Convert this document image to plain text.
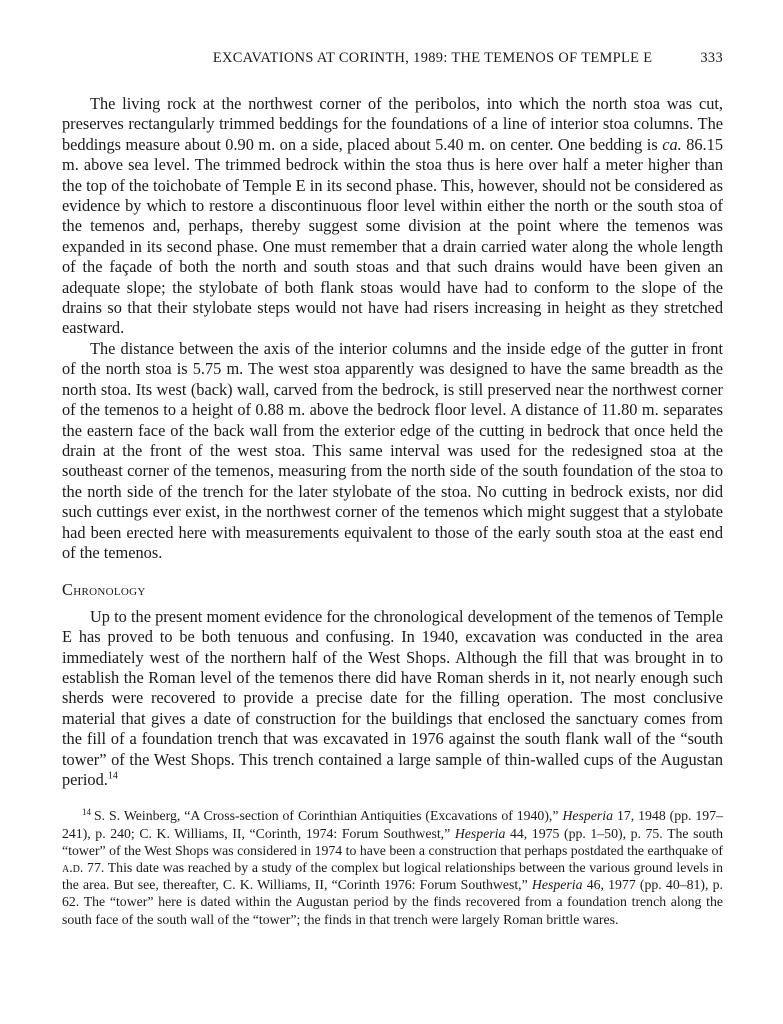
EXCAVATIONS AT CORINTH, 1989: THE TEMENOS OF TEMPLE E	333

The living rock at the northwest corner of the peribolos, into which the north stoa was cut, preserves rectangularly trimmed beddings for the foundations of a line of interior stoa columns. The beddings measure about 0.90 m. on a side, placed about 5.40 m. on center. One bedding is ca. 86.15 m. above sea level. The trimmed bedrock within the stoa thus is here over half a meter higher than the top of the toichobate of Temple E in its second phase. This, however, should not be considered as evidence by which to restore a discontinuous floor level within either the north or the south stoa of the temenos and, perhaps, thereby suggest some division at the point where the temenos was expanded in its second phase. One must remember that a drain carried water along the whole length of the façade of both the north and south stoas and that such drains would have been given an adequate slope; the stylobate of both flank stoas would have had to conform to the slope of the drains so that their stylobate steps would not have had risers increasing in height as they stretched eastward.

The distance between the axis of the interior columns and the inside edge of the gutter in front of the north stoa is 5.75 m. The west stoa apparently was designed to have the same breadth as the north stoa. Its west (back) wall, carved from the bedrock, is still preserved near the northwest corner of the temenos to a height of 0.88 m. above the bedrock floor level. A distance of 11.80 m. separates the eastern face of the back wall from the exterior edge of the cutting in bedrock that once held the drain at the front of the west stoa. This same interval was used for the redesigned stoa at the southeast corner of the temenos, measuring from the north side of the south foundation of the stoa to the north side of the trench for the later stylobate of the stoa. No cutting in bedrock exists, nor did such cuttings ever exist, in the northwest corner of the temenos which might suggest that a stylobate had been erected here with measurements equivalent to those of the early south stoa at the east end of the temenos.

Chronology

Up to the present moment evidence for the chronological development of the temenos of Temple E has proved to be both tenuous and confusing. In 1940, excavation was conducted in the area immediately west of the northern half of the West Shops. Although the fill that was brought in to establish the Roman level of the temenos there did have Roman sherds in it, not nearly enough such sherds were recovered to provide a precise date for the filling operation. The most conclusive material that gives a date of construction for the buildings that enclosed the sanctuary comes from the fill of a foundation trench that was excavated in 1976 against the south flank wall of the “south tower” of the West Shops. This trench contained a large sample of thin-walled cups of the Augustan period.$^{14}$

$^{14}$ S. S. Weinberg, “A Cross-section of Corinthian Antiquities (Excavations of 1940),” Hesperia 17, 1948 (pp. 197–241), p. 240; C. K. Williams, II, “Corinth, 1974: Forum Southwest,” Hesperia 44, 1975 (pp. 1–50), p. 75. The south “tower” of the West Shops was considered in 1974 to have been a construction that perhaps postdated the earthquake of a.d. 77. This date was reached by a study of the complex but logical relationships between the various ground levels in the area. But see, thereafter, C. K. Williams, II, “Corinth 1976: Forum Southwest,” Hesperia 46, 1977 (pp. 40–81), p. 62. The “tower” here is dated within the Augustan period by the finds recovered from a foundation trench along the south face of the south wall of the “tower”; the finds in that trench were largely Roman brittle wares.
